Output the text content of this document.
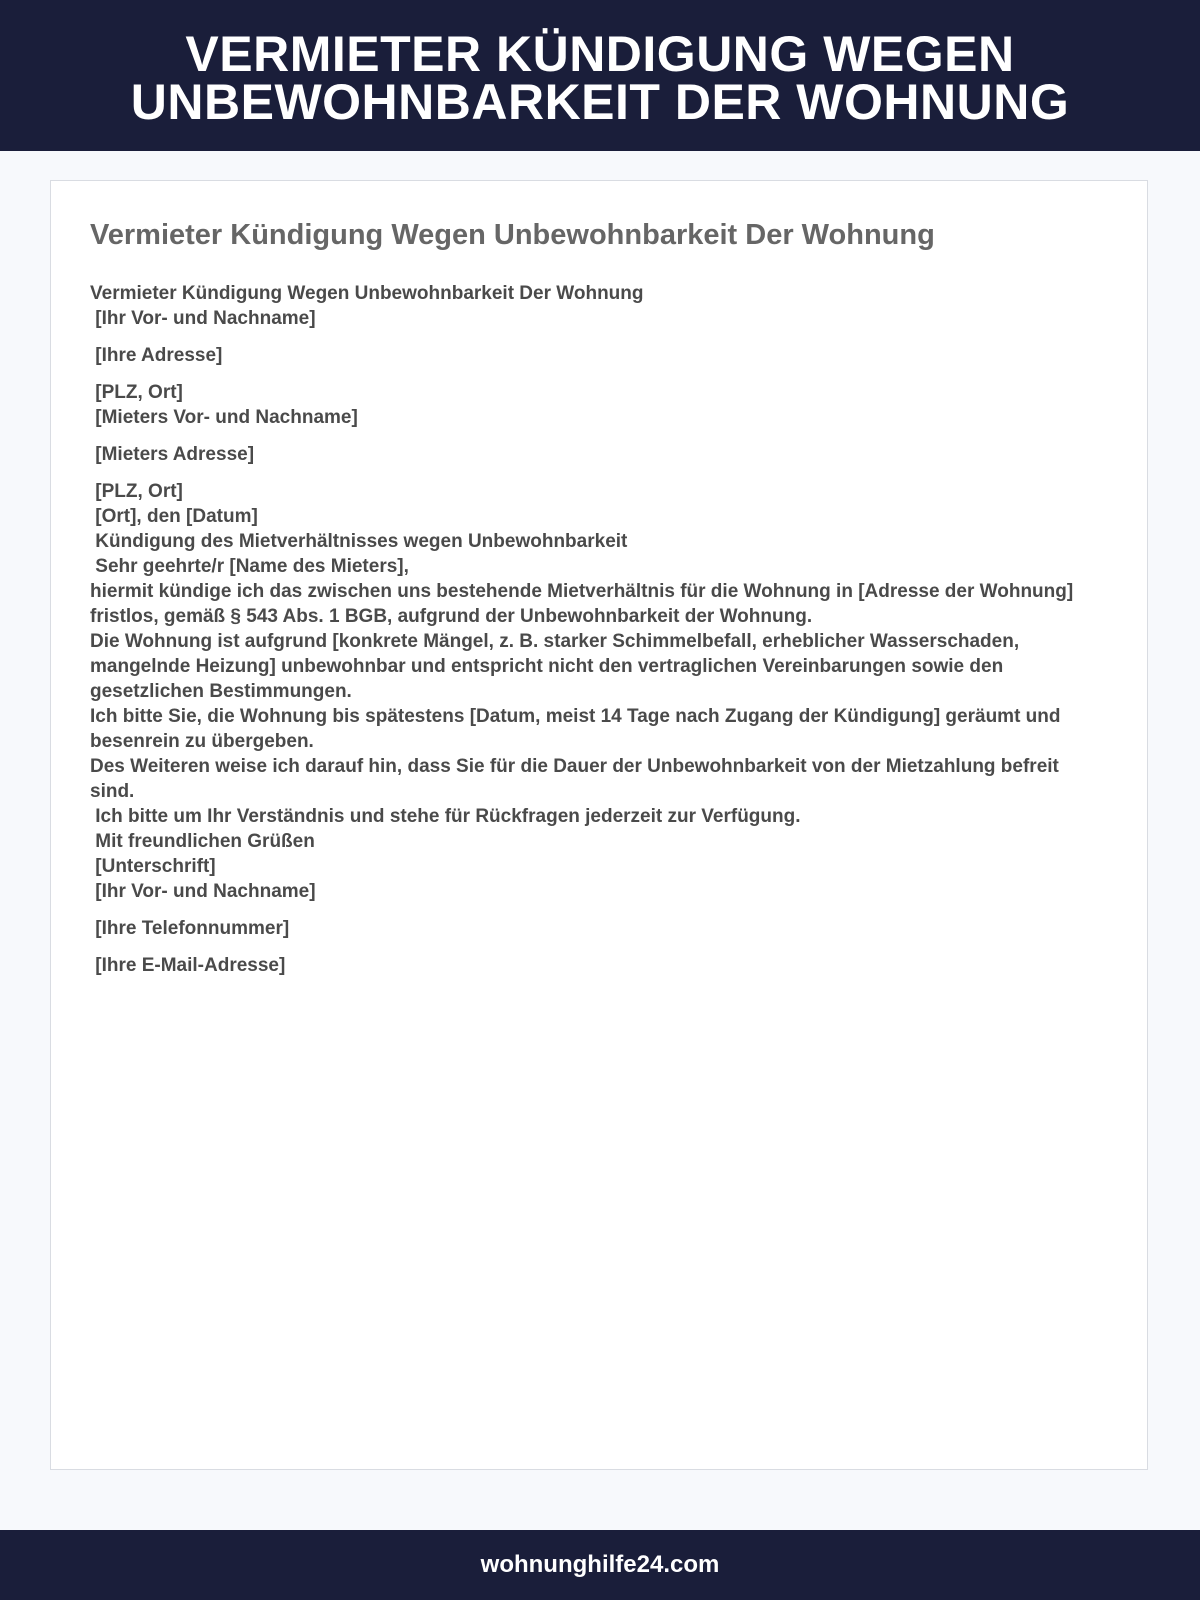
VERMIETER KÜNDIGUNG WEGEN
UNBEWOHNBARKEIT DER WOHNUNG
Vermieter Kündigung Wegen Unbewohnbarkeit Der Wohnung
Vermieter Kündigung Wegen Unbewohnbarkeit Der Wohnung
[Ihr Vor- und Nachname]
[Ihre Adresse]
[PLZ, Ort]
[Mieters Vor- und Nachname]
[Mieters Adresse]
[PLZ, Ort]
[Ort], den [Datum]
Kündigung des Mietverhältnisses wegen Unbewohnbarkeit
Sehr geehrte/r [Name des Mieters],
hiermit kündige ich das zwischen uns bestehende Mietverhältnis für die Wohnung in [Adresse der Wohnung] fristlos, gemäß § 543 Abs. 1 BGB, aufgrund der Unbewohnbarkeit der Wohnung.
Die Wohnung ist aufgrund [konkrete Mängel, z. B. starker Schimmelbefall, erheblicher Wasserschaden, mangelnde Heizung] unbewohnbar und entspricht nicht den vertraglichen Vereinbarungen sowie den gesetzlichen Bestimmungen.
Ich bitte Sie, die Wohnung bis spätestens [Datum, meist 14 Tage nach Zugang der Kündigung] geräumt und besenrein zu übergeben.
Des Weiteren weise ich darauf hin, dass Sie für die Dauer der Unbewohnbarkeit von der Mietzahlung befreit sind.
Ich bitte um Ihr Verständnis und stehe für Rückfragen jederzeit zur Verfügung.
Mit freundlichen Grüßen
[Unterschrift]
[Ihr Vor- und Nachname]
[Ihre Telefonnummer]
[Ihre E-Mail-Adresse]
wohnunghilfe24.com
